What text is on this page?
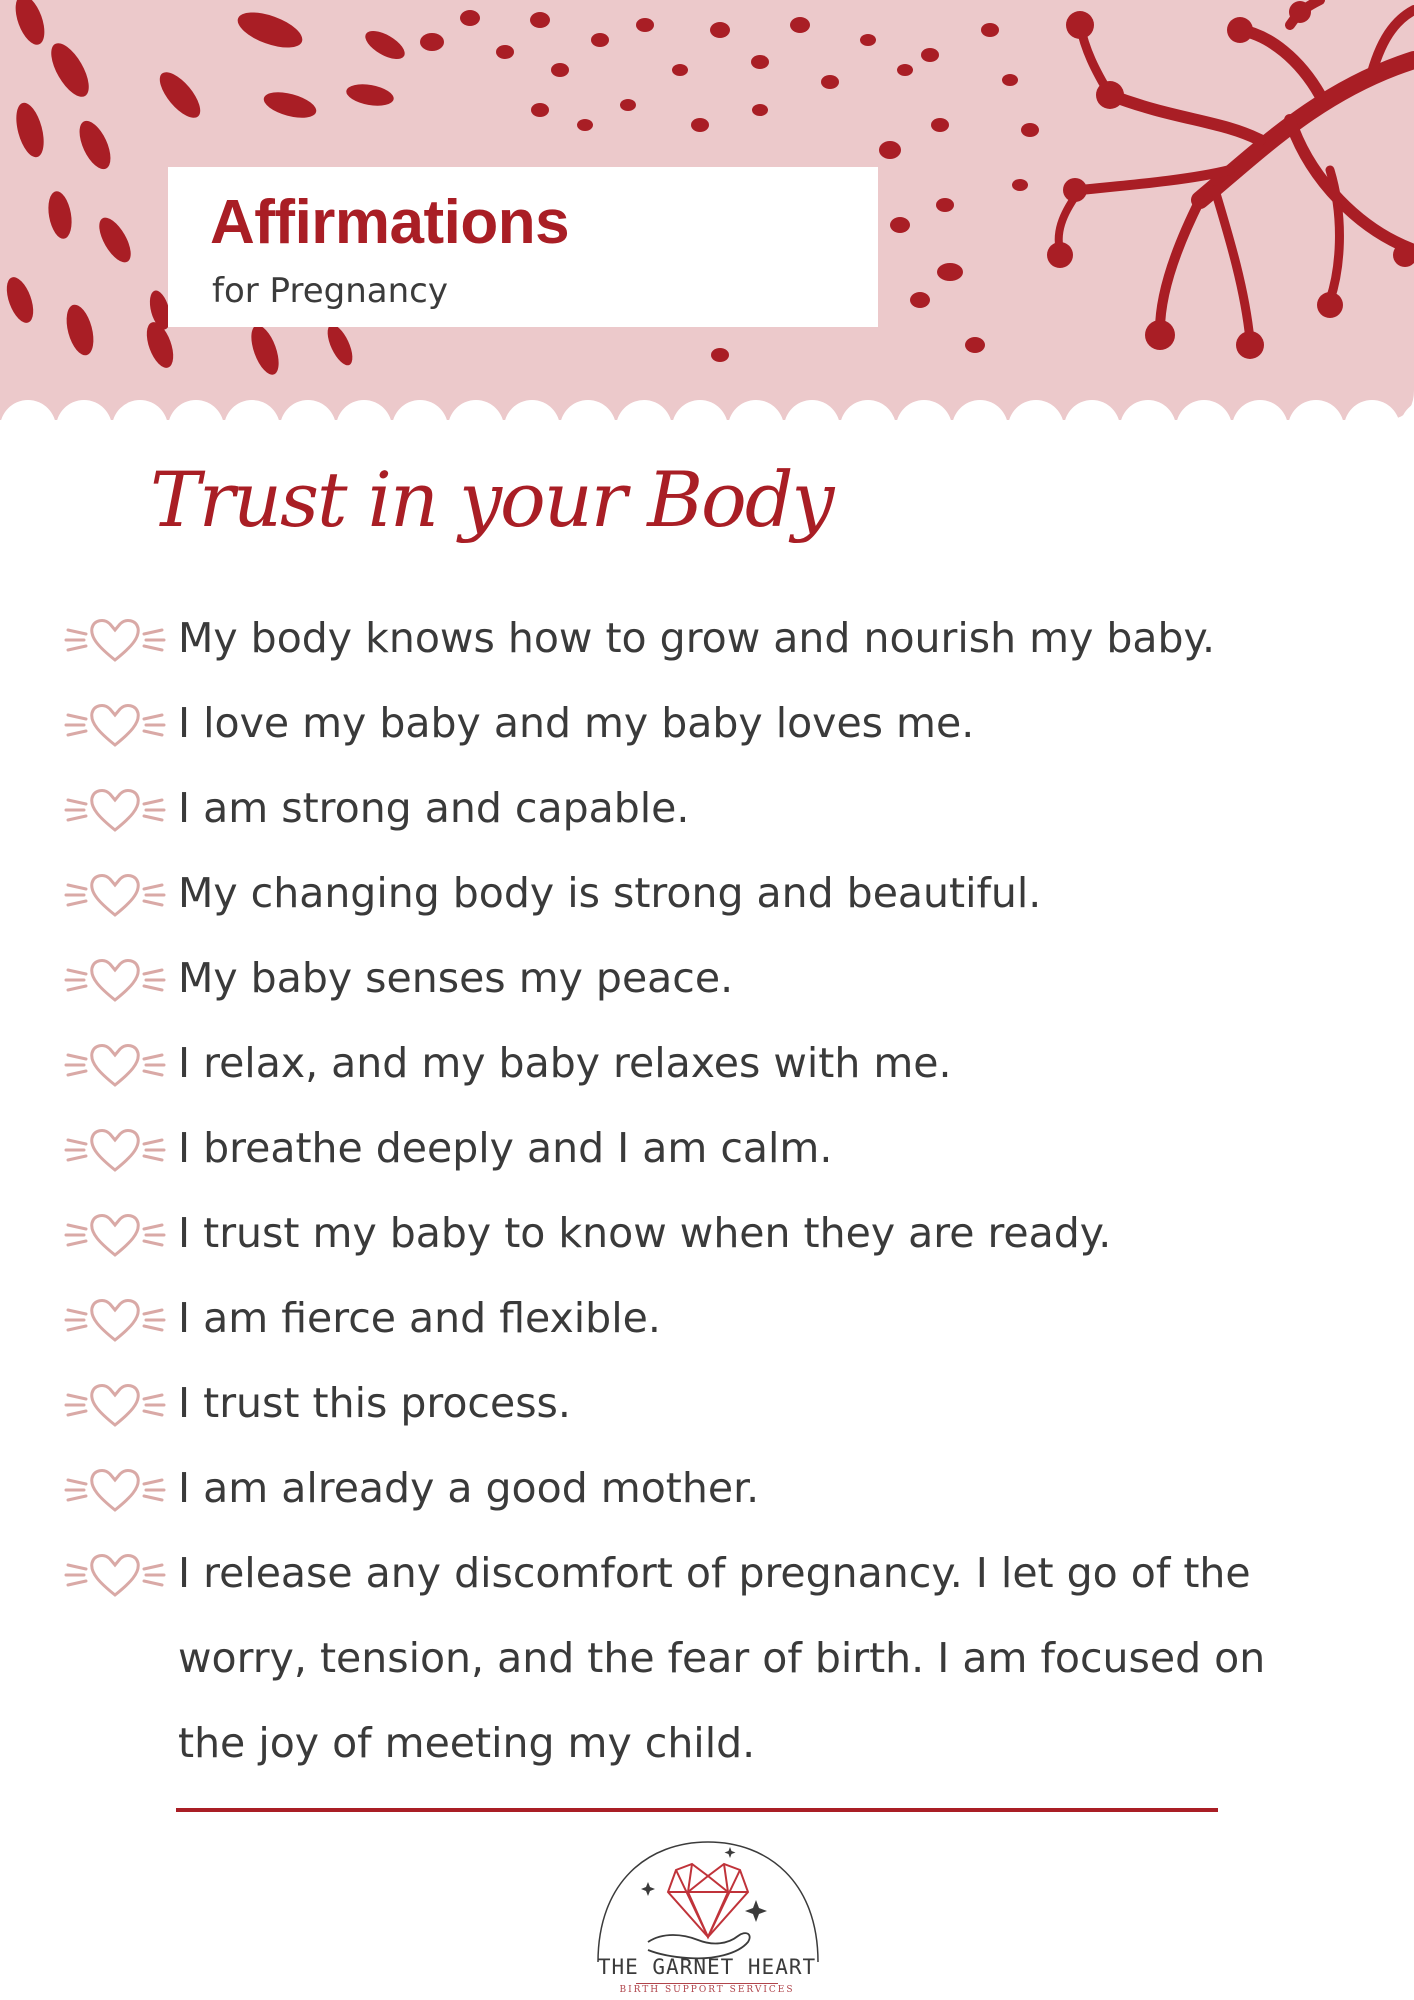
Affirmations
for Pregnancy
Trust in your Body
My body knows how to grow and nourish my baby.
I love my baby and my baby loves me.
I am strong and capable.
My changing body is strong and beautiful.
My baby senses my peace.
I relax, and my baby relaxes with me.
I breathe deeply and I am calm.
I trust my baby to know when they are ready.
I am fierce and flexible.
I trust this process.
I am already a good mother.
I release any discomfort of pregnancy. I let go of the worry, tension, and the fear of birth. I am focused on the joy of meeting my child.
THE GARNET HEART
BIRTH SUPPORT SERVICES
